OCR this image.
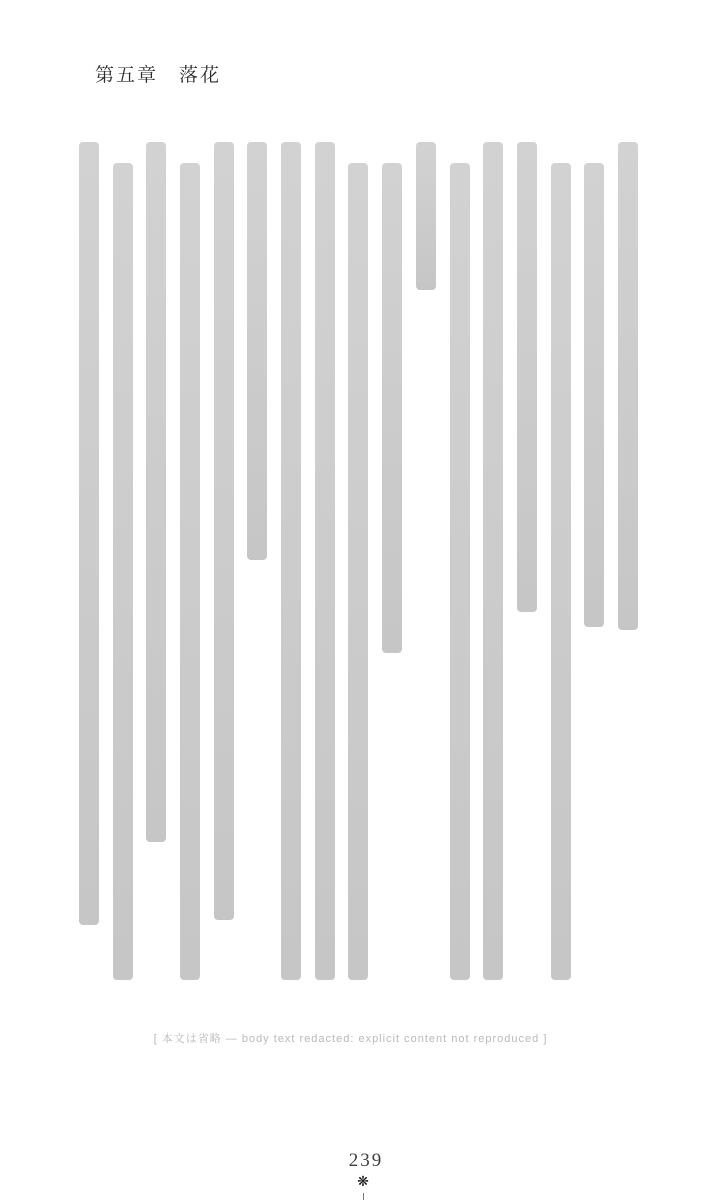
第五章　落花
[ 本文は省略 — body text redacted: explicit content not reproduced ]
239
❋
